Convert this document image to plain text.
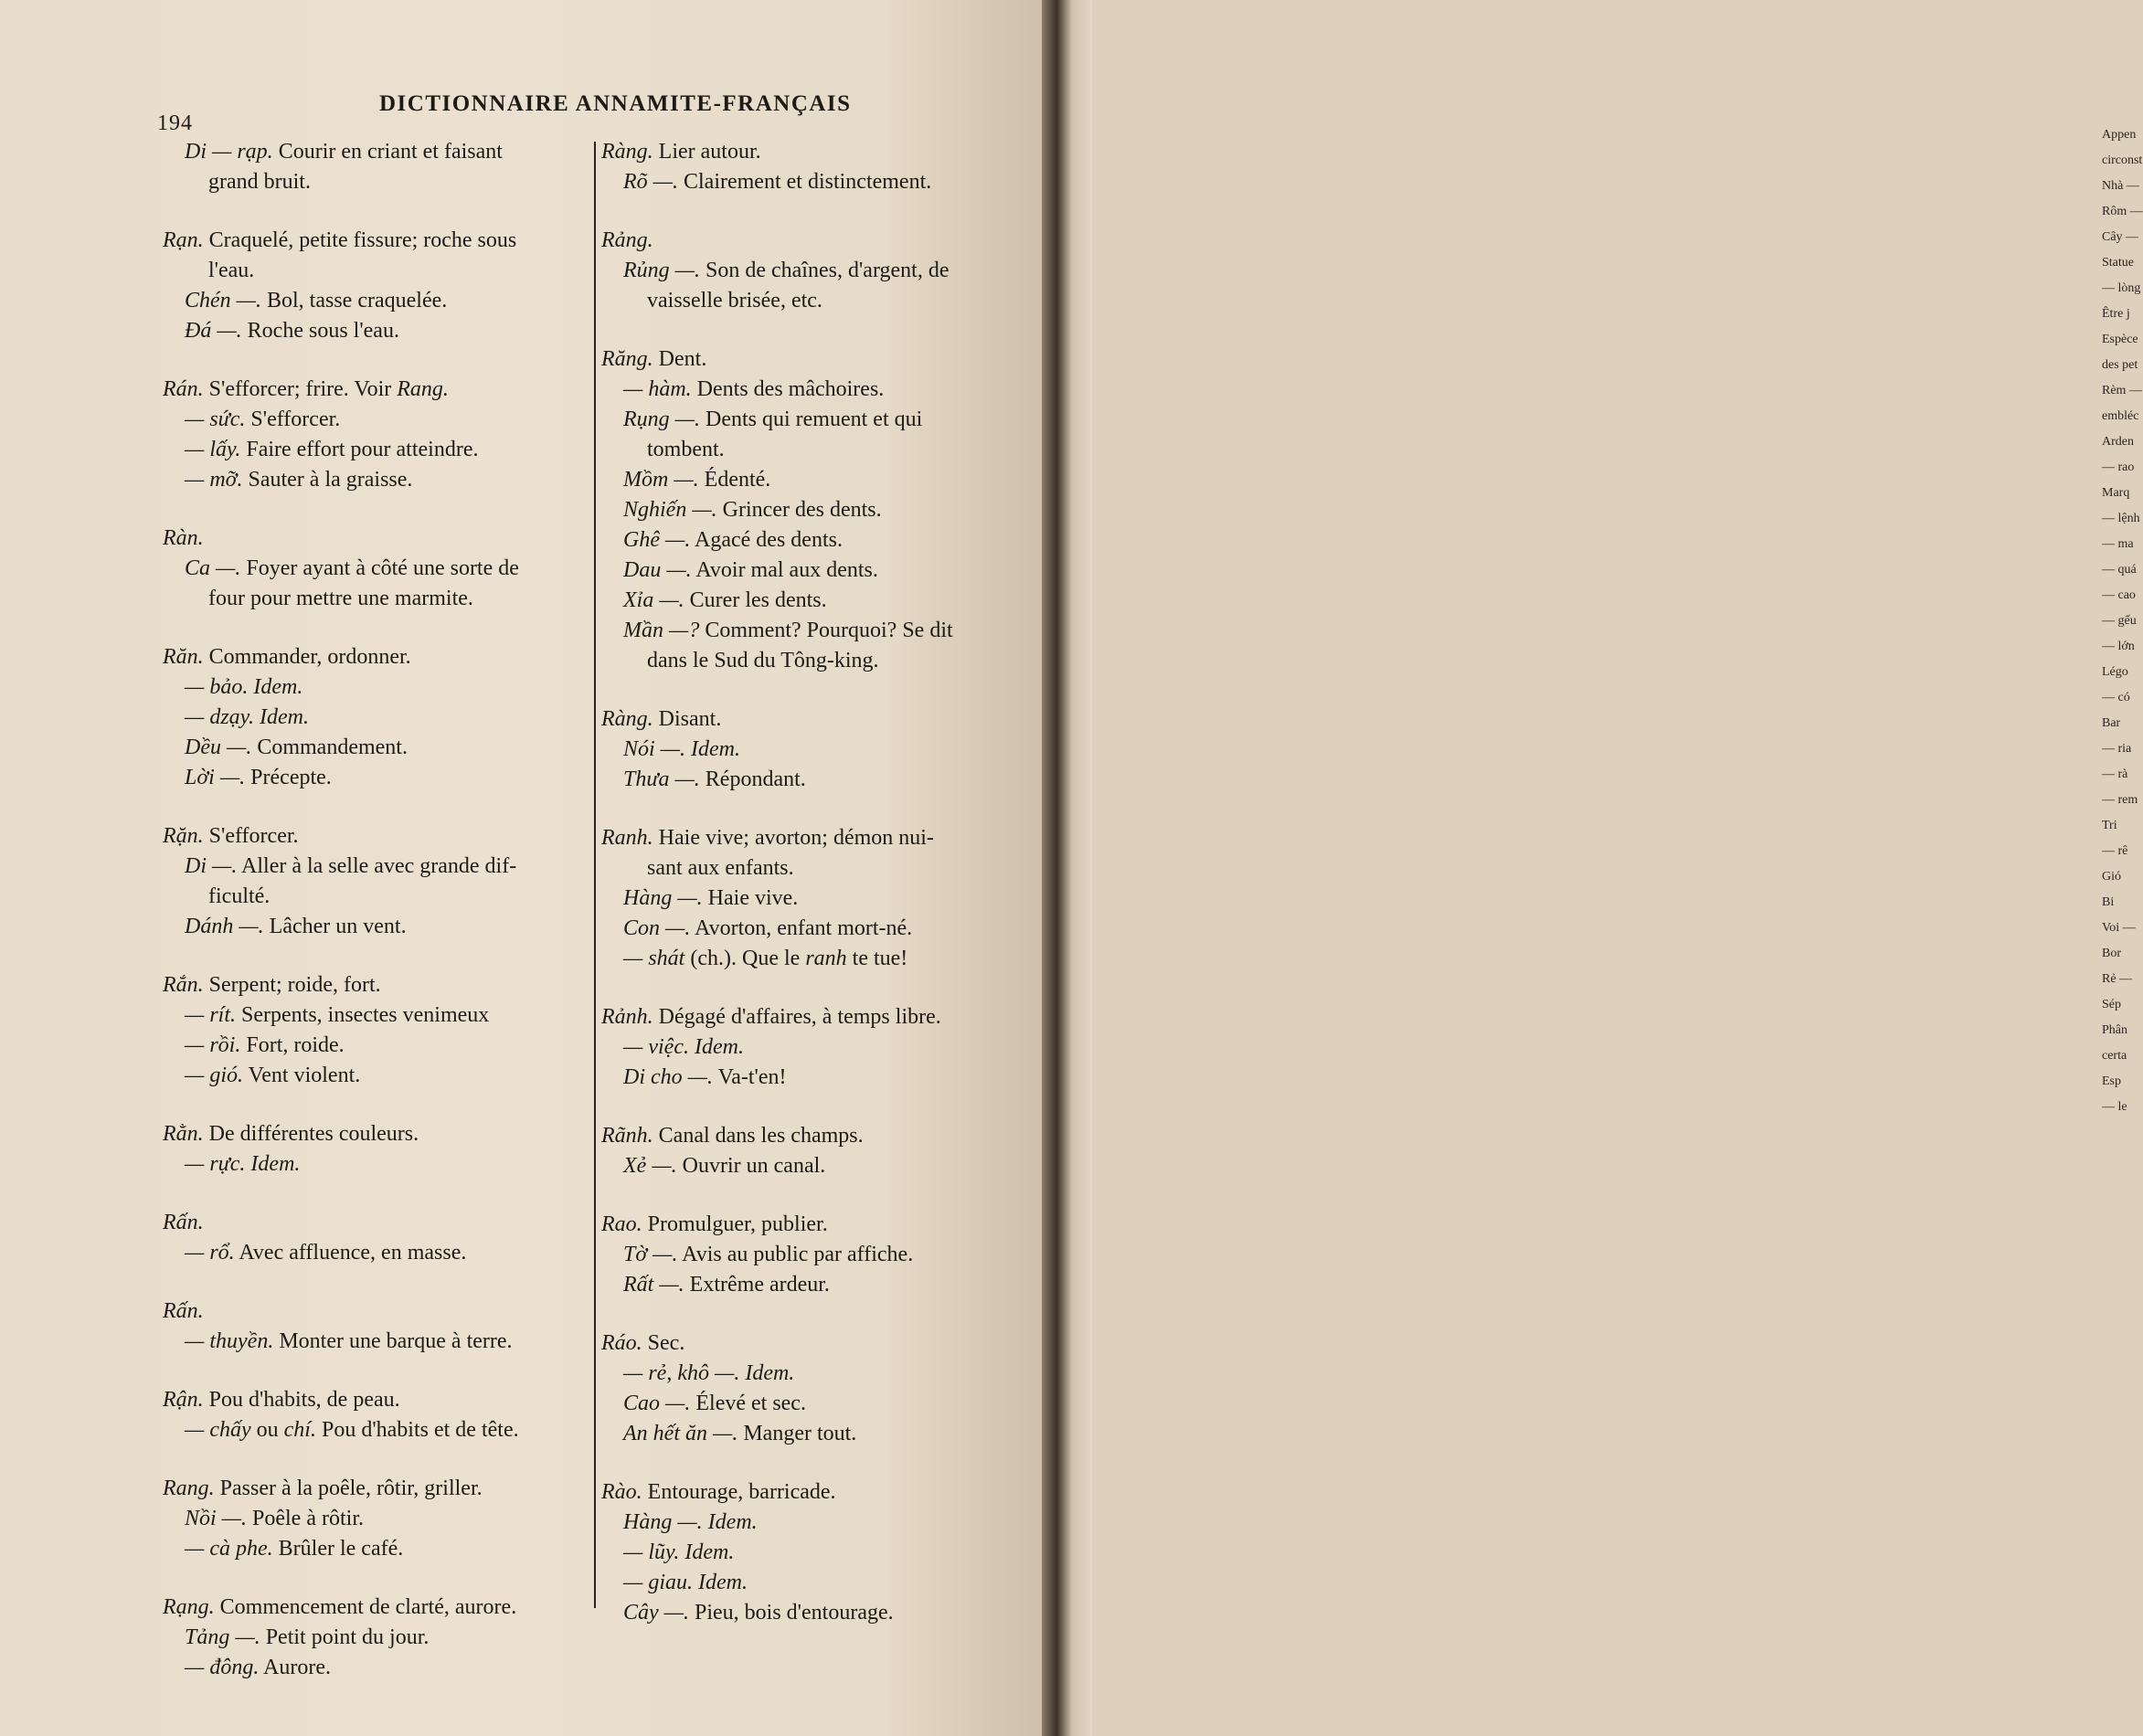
194
DICTIONNAIRE ANNAMITE-FRANÇAIS
Di — rạp. Courir en criant et faisant
grand bruit.
Rạn. Craquelé, petite fissure; roche sous
l'eau.
Chén —. Bol, tasse craquelée.
Đá —. Roche sous l'eau.
Rán. S'efforcer; frire. Voir Rang.
— sức. S'efforcer.
— lấy. Faire effort pour atteindre.
— mỡ. Sauter à la graisse.
Ràn.
Ca —. Foyer ayant à côté une sorte de
four pour mettre une marmite.
Răn. Commander, ordonner.
— bảo. Idem.
— dzạy. Idem.
Dều —. Commandement.
Lời —. Précepte.
Rặn. S'efforcer.
Di —. Aller à la selle avec grande dif-
ficulté.
Dánh —. Lâcher un vent.
Rắn. Serpent; roide, fort.
— rít. Serpents, insectes venimeux
— rồi. Fort, roide.
— gió. Vent violent.
Rằn. De différentes couleurs.
— rực. Idem.
Rấn.
— rổ. Avec affluence, en masse.
Rấn.
— thuyền. Monter une barque à terre.
Rận. Pou d'habits, de peau.
— chấy ou chí. Pou d'habits et de tête.
Rang. Passer à la poêle, rôtir, griller.
Nồi —. Poêle à rôtir.
— cà phe. Brûler le café.
Rạng. Commencement de clarté, aurore.
Tảng —. Petit point du jour.
— đông. Aurore.
Ràng. Lier autour.
Rõ —. Clairement et distinctement.
Rảng.
Rủng —. Son de chaînes, d'argent, de
vaisselle brisée, etc.
Răng. Dent.
— hàm. Dents des mâchoires.
Rụng —. Dents qui remuent et qui
tombent.
Mồm —. Édenté.
Nghiến —. Grincer des dents.
Ghê —. Agacé des dents.
Dau —. Avoir mal aux dents.
Xỉa —. Curer les dents.
Mần —? Comment? Pourquoi? Se dit
dans le Sud du Tông-king.
Ràng. Disant.
Nói —. Idem.
Thưa —. Répondant.
Ranh. Haie vive; avorton; démon nui-
sant aux enfants.
Hàng —. Haie vive.
Con —. Avorton, enfant mort-né.
— shát (ch.). Que le ranh te tue!
Rảnh. Dégagé d'affaires, à temps libre.
— việc. Idem.
Di cho —. Va-t'en!
Rãnh. Canal dans les champs.
Xẻ —. Ouvrir un canal.
Rao. Promulguer, publier.
Tờ —. Avis au public par affiche.
Rất —. Extrême ardeur.
Ráo. Sec.
— rẻ, khô —. Idem.
Cao —. Élevé et sec.
An hết ăn —. Manger tout.
Rào. Entourage, barricade.
Hàng —. Idem.
— lũy. Idem.
— giau. Idem.
Cây —. Pieu, bois d'entourage.
Appen
circonst
Nhà —
Rôm —
Cây —
Statue
— lòng
Être j
Espèce
des pet
Rèm —
embléc
Arden
— rao
Marq
— lệnh
— ma
— quá
— cao
— gếu
— lớn
Légo
— có
Bar
— ria
— rà
— rem
Tri
— rê
Gió
Bi
Voi —
Bor
Rẻ —
Sép
Phân
certa
Esp
— le
